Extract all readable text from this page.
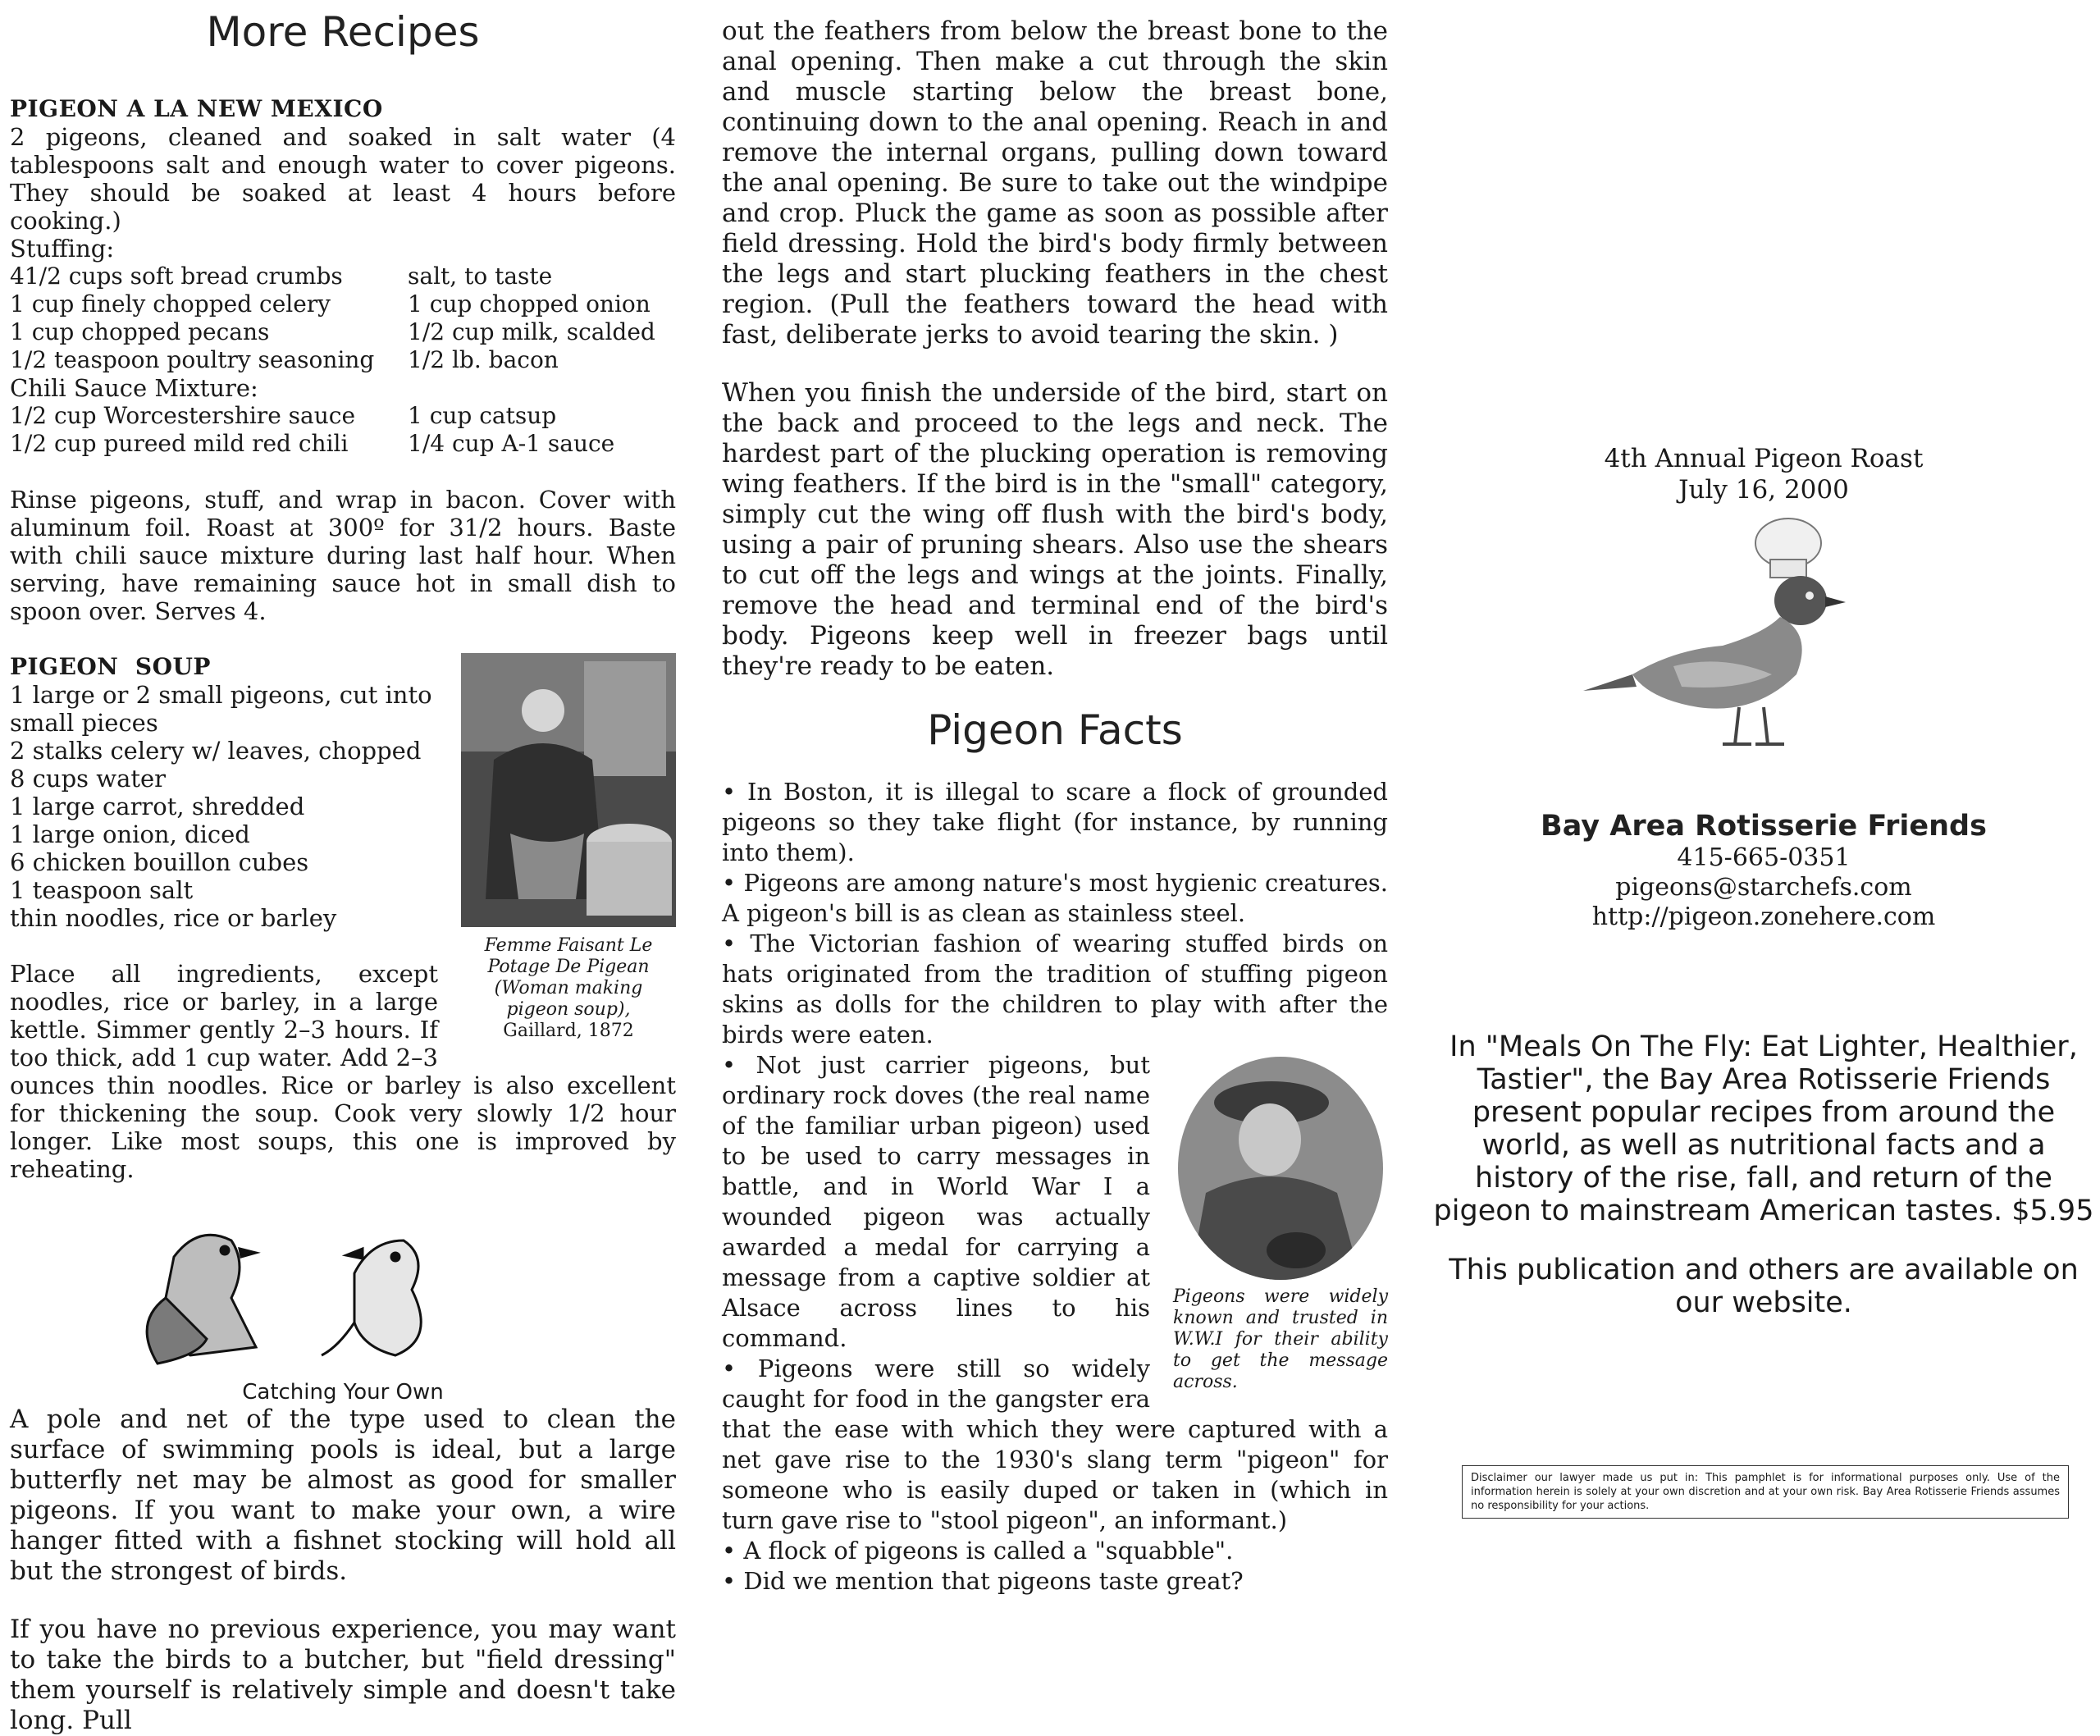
More Recipes
PIGEON A LA NEW MEXICO

2 pigeons, cleaned and soaked in salt water (4 tablespoons salt and enough water to cover pigeons. They should be soaked at least 4 hours before cooking.)

Stuffing:
41/2 cups soft bread crumbs	salt, to taste
1 cup finely chopped celery	1 cup chopped onion
1 cup chopped pecans	1/2 cup milk, scalded
1/2 teaspoon poultry seasoning	1/2 lb. bacon
Chili Sauce Mixture:
1/2 cup Worcestershire sauce	1 cup catsup
1/2 cup pureed mild red chili	1/4 cup A-1 sauce

Rinse pigeons, stuff, and wrap in bacon. Cover with aluminum foil. Roast at 300º for 31/2 hours. Baste with chili sauce mixture during last half hour. When serving, have remaining sauce hot in small dish to spoon over. Serves 4.

Femme Faisant Le Potage De Pigean (Woman making pigeon soup),
Gaillard, 1872
PIGEON  SOUP
1 large or 2 small pigeons, cut into small pieces
2 stalks celery w/ leaves, chopped
8 cups water
1 large carrot, shredded
1 large onion, diced
6 chicken bouillon cubes
1 teaspoon salt
thin noodles, rice or barley

Place all ingredients, except noodles, rice or barley, in a large kettle. Simmer gently 2–3 hours. If too thick, add 1 cup water. Add 2–3 ounces thin noodles. Rice or barley is also excellent for thickening the soup. Cook very slowly 1/2 hour longer. Like most soups, this one is improved by reheating.

Catching Your Own

A pole and net of the type used to clean the surface of swimming pools is ideal, but a large butterfly net may be almost as good for smaller pigeons. If you want to make your own, a wire hanger fitted with a fishnet stocking will hold all but the strongest of birds.

If you have no previous experience, you may want to take the birds to a butcher, but "field dressing" them yourself is relatively simple and doesn't take long. Pull

out the feathers from below the breast bone to the anal opening. Then make a cut through the skin and muscle starting below the breast bone, continuing down to the anal opening. Reach in and remove the internal organs, pulling down toward the anal opening. Be sure to take out the windpipe and crop. Pluck the game as soon as possible after field dressing. Hold the bird's body firmly between the legs and start plucking feathers in the chest region. (Pull the feathers toward the head with fast, deliberate jerks to avoid tearing the skin. )

When you finish the underside of the bird, start on the back and proceed to the legs and neck. The hardest part of the plucking operation is removing wing feathers. If the bird is in the "small" category, simply cut the wing off flush with the bird's body, using a pair of pruning shears. Also use the shears to cut off the legs and wings at the joints. Finally, remove the head and terminal end of the bird's body. Pigeons keep well in freezer bags until they're ready to be eaten.

Pigeon Facts
• In Boston, it is illegal to scare a flock of grounded pigeons so they take flight (for instance, by running into them).
• Pigeons are among nature's most hygienic creatures. A pigeon's bill is as clean as stainless steel.
• The Victorian fashion of wearing stuffed birds on hats originated from the tradition of stuffing pigeon skins as dolls for the children to play with after the birds were eaten.
Pigeons were widely known and trusted in W.W.I for their ability to get the message across.
• Not just carrier pigeons, but ordinary rock doves (the real name of the familiar urban pigeon) used to be used to carry messages in battle, and in World War I a wounded pigeon was actually awarded a medal for carrying a message from a captive soldier at Alsace across lines to his command.
• Pigeons were still so widely caught for food in the gangster era that the ease with which they were captured with a net gave rise to the 1930's slang term "pigeon" for someone who is easily duped or taken in (which in turn gave rise to "stool pigeon", an informant.)
• A flock of pigeons is called a "squabble".
• Did we mention that pigeons taste great?
4th Annual Pigeon Roast
July 16, 2000
Bay Area Rotisserie Friends
415-665-0351
pigeons@starchefs.com
http://pigeon.zonehere.com
In "Meals On The Fly: Eat Lighter, Healthier, Tastier", the Bay Area Rotisserie Friends present popular recipes from around the world, as well as nutritional facts and a history of the rise, fall, and return of the pigeon to mainstream American tastes. $5.95
This publication and others are available on our website.
Disclaimer our lawyer made us put in: This pamphlet is for informational purposes only. Use of the information herein is solely at your own discretion and at your own risk. Bay Area Rotisserie Friends assumes no responsibility for your actions.
